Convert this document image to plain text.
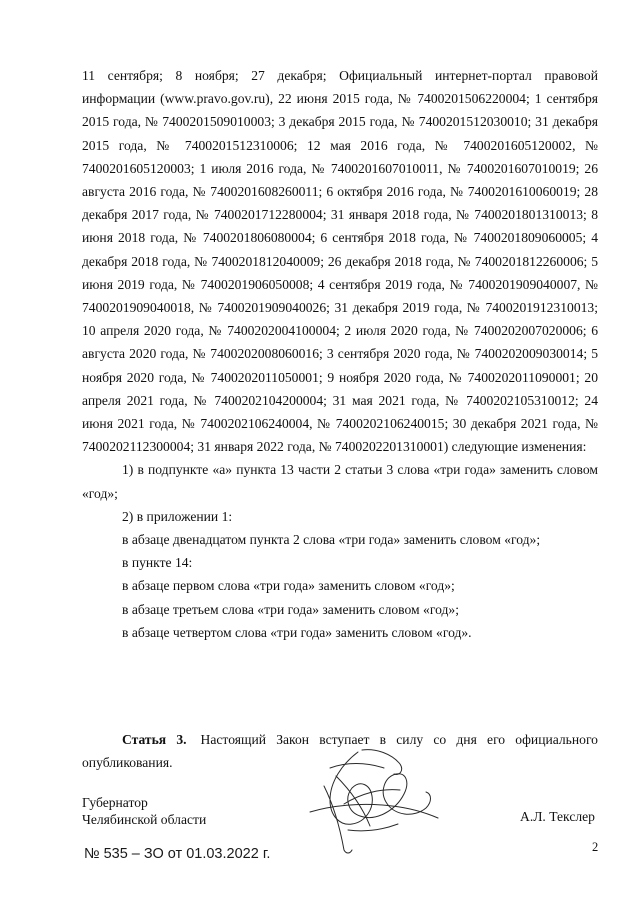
11 сентября; 8 ноября; 27 декабря; Официальный интернет-портал правовой информации (www.pravo.gov.ru), 22 июня 2015 года, № 7400201506220004; 1 сентября 2015 года, № 7400201509010003; 3 декабря 2015 года, № 7400201512030010; 31 декабря 2015 года, № 7400201512310006; 12 мая 2016 года, № 7400201605120002, № 7400201605120003; 1 июля 2016 года, № 7400201607010011, № 7400201607010019; 26 августа 2016 года, № 7400201608260011; 6 октября 2016 года, № 7400201610060019; 28 декабря 2017 года, № 7400201712280004; 31 января 2018 года, № 7400201801310013; 8 июня 2018 года, № 7400201806080004; 6 сентября 2018 года, № 7400201809060005; 4 декабря 2018 года, № 7400201812040009; 26 декабря 2018 года, № 7400201812260006; 5 июня 2019 года, № 7400201906050008; 4 сентября 2019 года, № 7400201909040007, № 7400201909040018, № 7400201909040026; 31 декабря 2019 года, № 7400201912310013; 10 апреля 2020 года, № 7400202004100004; 2 июля 2020 года, № 7400202007020006; 6 августа 2020 года, № 7400202008060016; 3 сентября 2020 года, № 7400202009030014; 5 ноября 2020 года, № 7400202011050001; 9 ноября 2020 года, № 7400202011090001; 20 апреля 2021 года, № 7400202104200004; 31 мая 2021 года, № 7400202105310012; 24 июня 2021 года, № 7400202106240004, № 7400202106240015; 30 декабря 2021 года, № 7400202112300004; 31 января 2022 года, № 7400202201310001) следующие изменения:

1) в подпункте «а» пункта 13 части 2 статьи 3 слова «три года» заменить словом «год»;

2) в приложении 1:

в абзаце двенадцатом пункта 2 слова «три года» заменить словом «год»;

в пункте 14:

в абзаце первом слова «три года» заменить словом «год»;

в абзаце третьем слова «три года» заменить словом «год»;

в абзаце четвертом слова «три года» заменить словом «год».

Статья 3. Настоящий Закон вступает в силу со дня его официального опубликования.
Губернатор
Челябинской области	А.Л. Текслер
2
№ 535 – ЗО от 01.03.2022 г.
